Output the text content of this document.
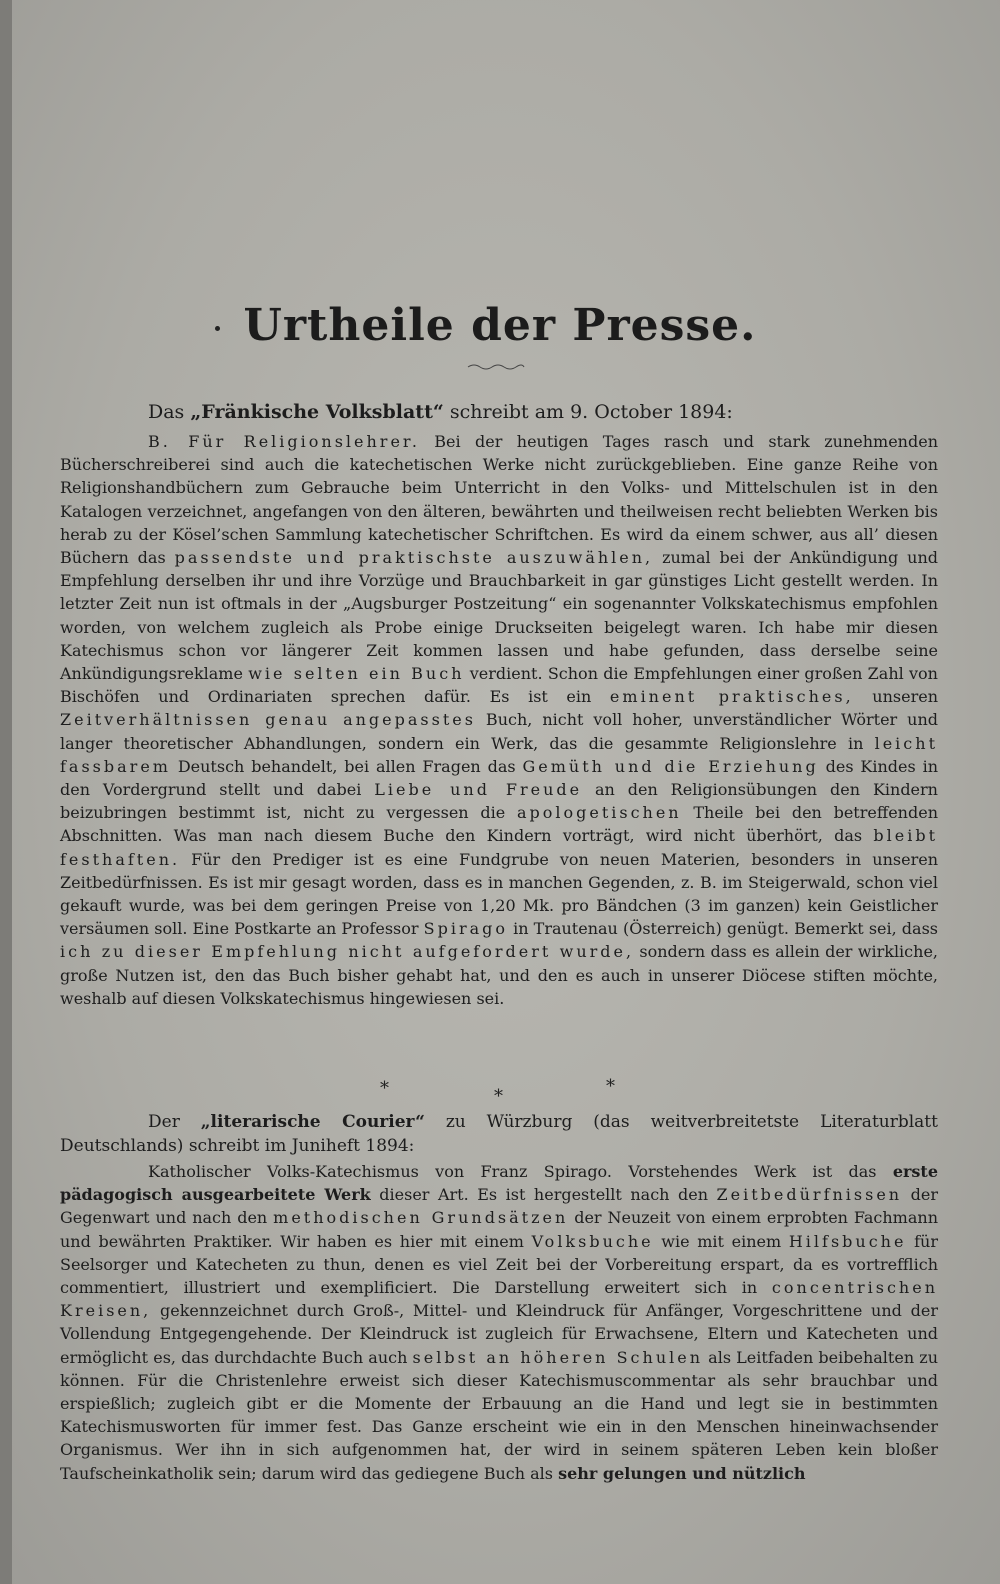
Urtheile der Presse.
Das „Fränkische Volksblatt“ schreibt am 9. October 1894:
B. Für Religionslehrer. Bei der heutigen Tages rasch und stark zunehmenden Bücherschreiberei sind auch die katechetischen Werke nicht zurückgeblieben. Eine ganze Reihe von Religionshandbüchern zum Gebrauche beim Unterricht in den Volks- und Mittelschulen ist in den Katalogen verzeichnet, angefangen von den älteren, bewährten und theilweisen recht beliebten Werken bis herab zu der Kösel’schen Sammlung katechetischer Schriftchen. Es wird da einem schwer, aus all’ diesen Büchern das passendste und praktischste auszuwählen, zumal bei der Ankündigung und Empfehlung derselben ihr und ihre Vorzüge und Brauchbarkeit in gar günstiges Licht gestellt werden. In letzter Zeit nun ist oftmals in der „Augsburger Postzeitung“ ein sogenannter Volkskatechismus empfohlen worden, von welchem zugleich als Probe einige Druckseiten beigelegt waren. Ich habe mir diesen Katechismus schon vor längerer Zeit kommen lassen und habe gefunden, dass derselbe seine Ankündigungsreklame wie selten ein Buch verdient. Schon die Empfehlungen einer großen Zahl von Bischöfen und Ordinariaten sprechen dafür. Es ist ein eminent praktisches, unseren Zeitverhältnissen genau angepasstes Buch, nicht voll hoher, unverständlicher Wörter und langer theoretischer Abhandlungen, sondern ein Werk, das die gesammte Religionslehre in leicht fassbarem Deutsch behandelt, bei allen Fragen das Gemüth und die Erziehung des Kindes in den Vordergrund stellt und dabei Liebe und Freude an den Religionsübungen den Kindern beizubringen bestimmt ist, nicht zu vergessen die apologetischen Theile bei den betreffenden Abschnitten. Was man nach diesem Buche den Kindern vorträgt, wird nicht überhört, das bleibt festhaften. Für den Prediger ist es eine Fundgrube von neuen Materien, besonders in unseren Zeitbedürfnissen. Es ist mir gesagt worden, dass es in manchen Gegenden, z. B. im Steigerwald, schon viel gekauft wurde, was bei dem geringen Preise von 1,20 Mk. pro Bändchen (3 im ganzen) kein Geistlicher versäumen soll. Eine Postkarte an Professor Spirago in Trautenau (Österreich) genügt. Bemerkt sei, dass ich zu dieser Empfehlung nicht aufgefordert wurde, sondern dass es allein der wirkliche, große Nutzen ist, den das Buch bisher gehabt hat, und den es auch in unserer Diöcese stiften möchte, weshalb auf diesen Volkskatechismus hingewiesen sei.
*	*	*
Der „literarische Courier“ zu Würzburg (das weitverbreitetste Literaturblatt Deutschlands) schreibt im Juniheft 1894:
Katholischer Volks-Katechismus von Franz Spirago. Vorstehendes Werk ist das erste pädagogisch ausgearbeitete Werk dieser Art. Es ist hergestellt nach den Zeitbedürfnissen der Gegenwart und nach den methodischen Grundsätzen der Neuzeit von einem erprobten Fachmann und bewährten Praktiker. Wir haben es hier mit einem Volksbuche wie mit einem Hilfsbuche für Seelsorger und Katecheten zu thun, denen es viel Zeit bei der Vorbereitung erspart, da es vortrefflich commentiert, illustriert und exemplificiert. Die Darstellung erweitert sich in concentrischen Kreisen, gekennzeichnet durch Groß-, Mittel- und Kleindruck für Anfänger, Vorgeschrittene und der Vollendung Entgegengehende. Der Kleindruck ist zugleich für Erwachsene, Eltern und Katecheten und ermöglicht es, das durchdachte Buch auch selbst an höheren Schulen als Leitfaden beibehalten zu können. Für die Christenlehre erweist sich dieser Katechismuscommentar als sehr brauchbar und erspießlich; zugleich gibt er die Momente der Erbauung an die Hand und legt sie in bestimmten Katechismusworten für immer fest. Das Ganze erscheint wie ein in den Menschen hineinwachsender Organismus. Wer ihn in sich aufgenommen hat, der wird in seinem späteren Leben kein bloßer Taufscheinkatholik sein; darum wird das gediegene Buch als sehr gelungen und nützlich
